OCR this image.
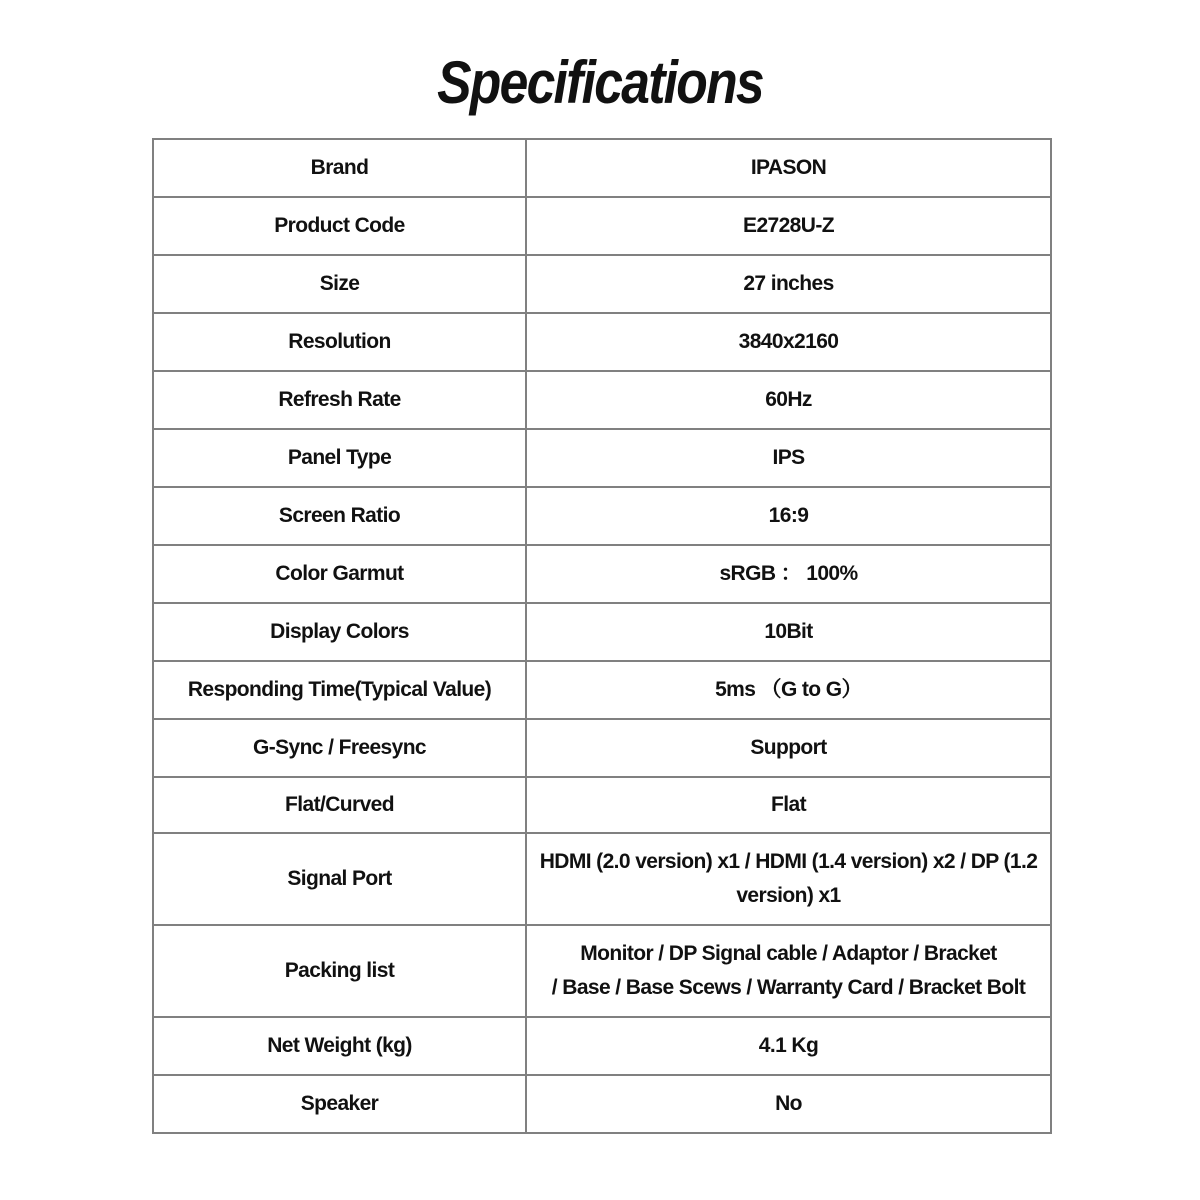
Specifications
Brand	IPASON
Product Code	E2728U-Z
Size	27 inches
Resolution	3840x2160
Refresh Rate	60Hz
Panel Type	IPS
Screen Ratio	16:9
Color Garmut	sRGB ： 100%
Display Colors	10Bit
Responding Time(Typical Value)	5ms （G to G）
G-Sync / Freesync	Support
Flat/Curved	Flat
Signal Port	HDMI (2.0 version) x1 / HDMI (1.4 version) x2 / DP (1.2 version) x1
Packing list	Monitor / DP Signal cable / Adaptor / Bracket
/ Base / Base Scews / Warranty Card / Bracket Bolt
Net Weight (kg)	4.1 Kg
Speaker	No
